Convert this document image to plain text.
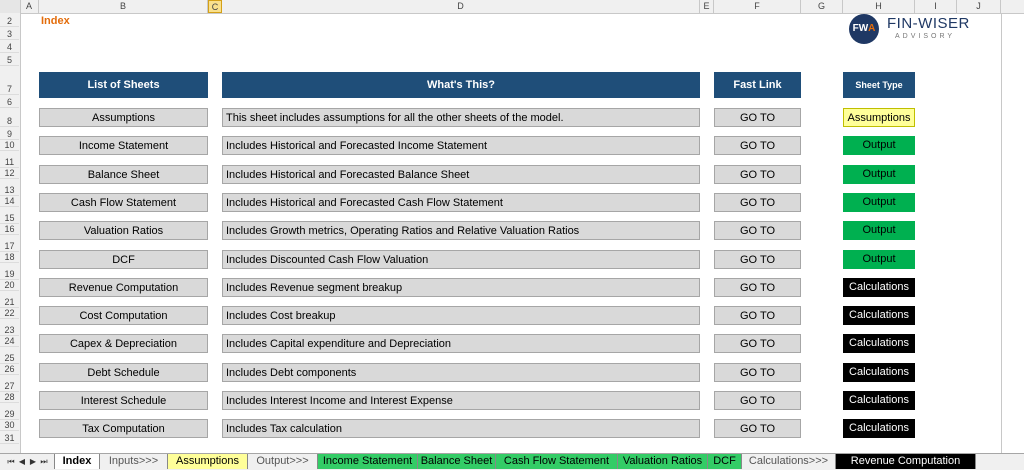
A	B	C	D	E	F	G	H	I	J
2
3
4
5
6
7
8
9
10
11
12
13
14
15
16
17
18
19
20
21
22
23
24
25
26
27
28
29
30
31
Index
FWA FIN-WISER
ADVISORY
List of Sheets	What's This?	Fast Link	Sheet Type
Assumptions	This sheet includes assumptions for all the other sheets of the model.	GO TO	Assumptions
Income Statement	Includes Historical and Forecasted Income Statement	GO TO	Output
Balance Sheet	Includes Historical and Forecasted Balance Sheet	GO TO	Output
Cash Flow Statement	Includes Historical and Forecasted Cash Flow Statement	GO TO	Output
Valuation Ratios	Includes Growth metrics, Operating Ratios and Relative Valuation Ratios	GO TO	Output
DCF	Includes Discounted Cash Flow Valuation	GO TO	Output
Revenue Computation	Includes Revenue segment breakup	GO TO	Calculations
Cost Computation	Includes Cost breakup	GO TO	Calculations
Capex & Depreciation	Includes Capital expenditure and Depreciation	GO TO	Calculations
Debt Schedule	Includes Debt components	GO TO	Calculations
Interest Schedule	Includes Interest Income and Interest Expense	GO TO	Calculations
Tax Computation	Includes Tax calculation	GO TO	Calculations
⏮ ◀ ▶ ⏭	Index	Inputs>>>	Assumptions	Output>>>	Income Statement Balance Sheet	Cash Flow Statement	Valuation Ratios	DCF	Calculations>>>	Revenue Computation
